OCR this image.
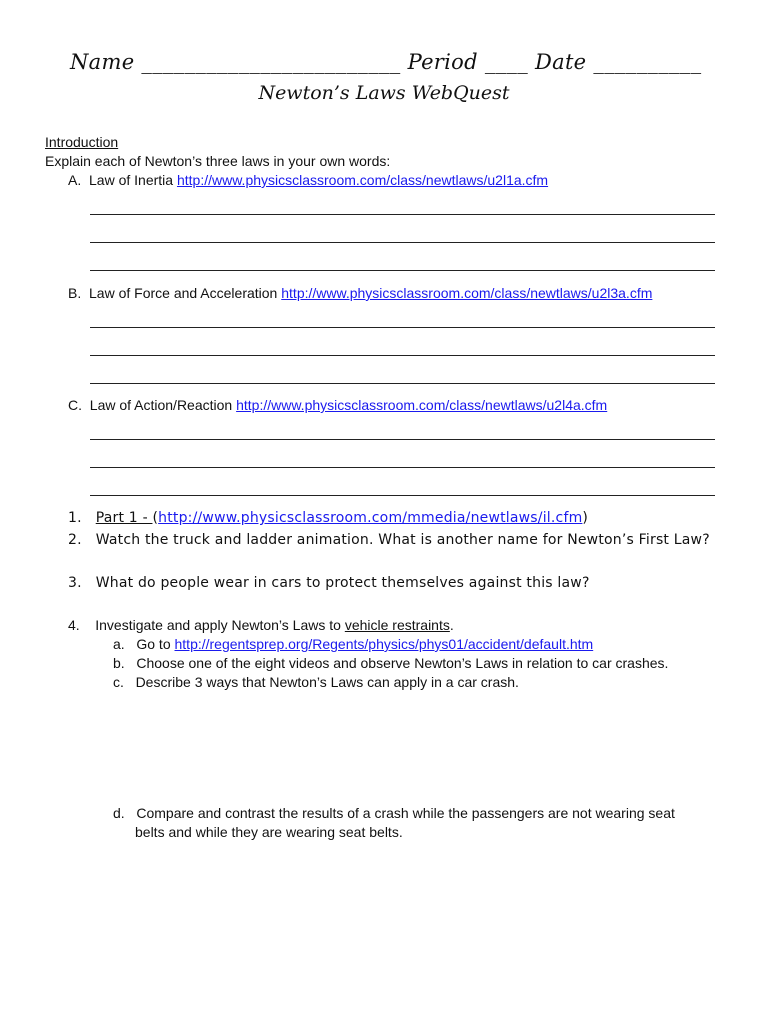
Name ________________________ Period ____ Date __________
Newton’s Laws WebQuest
Introduction
Explain each of Newton’s three laws in your own words:
A. Law of Inertia http://www.physicsclassroom.com/class/newtlaws/u2l1a.cfm
B. Law of Force and Acceleration http://www.physicsclassroom.com/class/newtlaws/u2l3a.cfm
C. Law of Action/Reaction http://www.physicsclassroom.com/class/newtlaws/u2l4a.cfm
1. Part 1 - (http://www.physicsclassroom.com/mmedia/newtlaws/il.cfm)
2. Watch the truck and ladder animation. What is another name for Newton’s First Law?
3. What do people wear in cars to protect themselves against this law?
4. Investigate and apply Newton’s Laws to vehicle restraints.
a. Go to http://regentsprep.org/Regents/physics/phys01/accident/default.htm
b. Choose one of the eight videos and observe Newton’s Laws in relation to car crashes.
c. Describe 3 ways that Newton’s Laws can apply in a car crash.
d. Compare and contrast the results of a crash while the passengers are not wearing seat
belts and while they are wearing seat belts.
